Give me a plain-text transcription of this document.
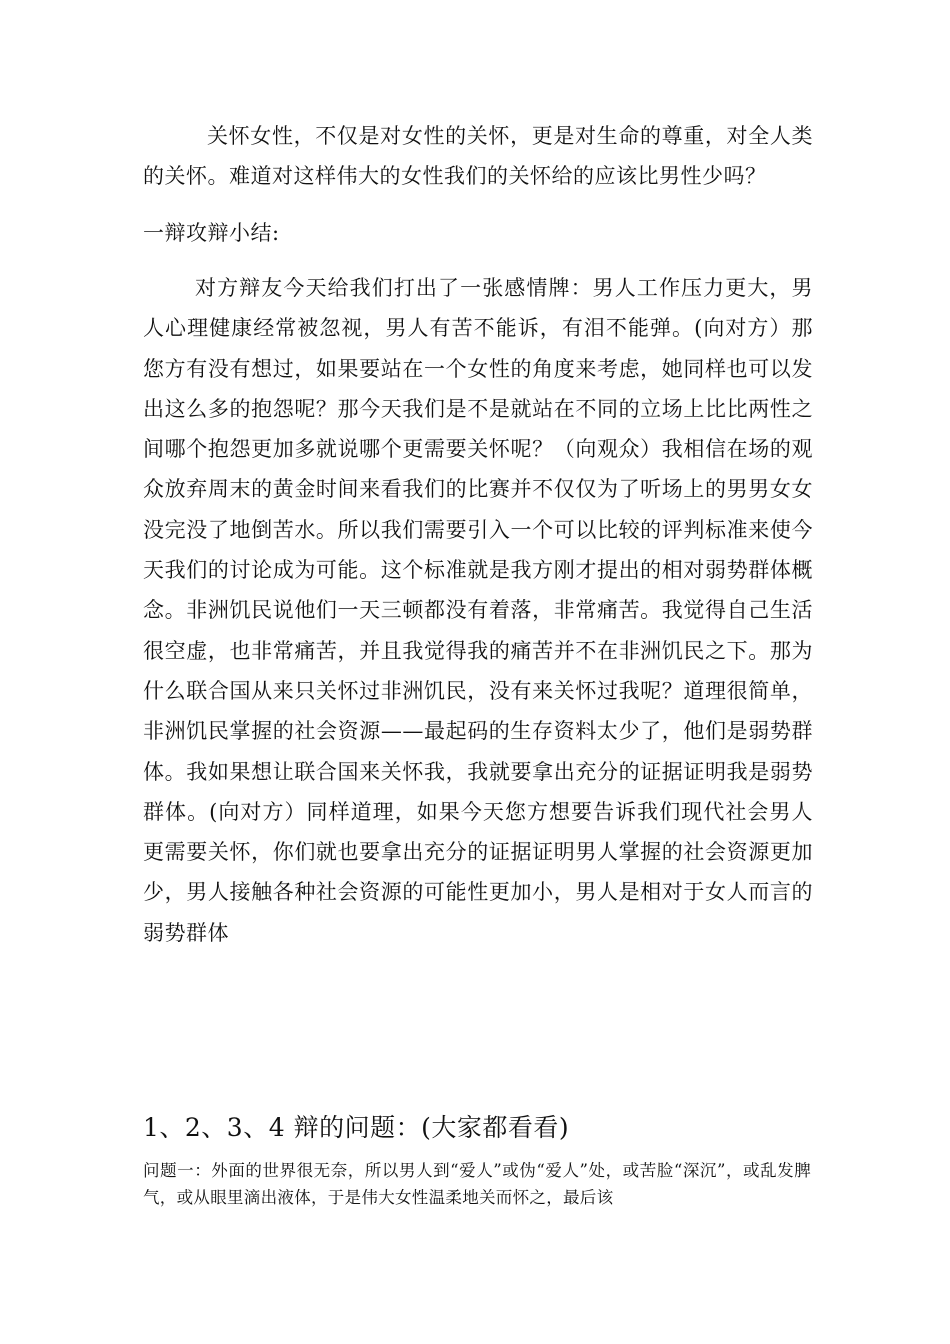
关怀女性，不仅是对女性的关怀，更是对生命的尊重，对全人类的关怀。难道对这样伟大的女性我们的关怀给的应该比男性少吗？

一辩攻辩小结:

对方辩友今天给我们打出了一张感情牌：男人工作压力更大，男人心理健康经常被忽视，男人有苦不能诉，有泪不能弹。(向对方）那您方有没有想过，如果要站在一个女性的角度来考虑，她同样也可以发出这么多的抱怨呢？那今天我们是不是就站在不同的立场上比比两性之间哪个抱怨更加多就说哪个更需要关怀呢？（向观众）我相信在场的观众放弃周末的黄金时间来看我们的比赛并不仅仅为了听场上的男男女女没完没了地倒苦水。所以我们需要引入一个可以比较的评判标准来使今天我们的讨论成为可能。这个标准就是我方刚才提出的相对弱势群体概念。非洲饥民说他们一天三顿都没有着落，非常痛苦。我觉得自己生活很空虚，也非常痛苦，并且我觉得我的痛苦并不在非洲饥民之下。那为什么联合国从来只关怀过非洲饥民，没有来关怀过我呢？道理很简单，非洲饥民掌握的社会资源——最起码的生存资料太少了，他们是弱势群体。我如果想让联合国来关怀我，我就要拿出充分的证据证明我是弱势群体。(向对方）同样道理，如果今天您方想要告诉我们现代社会男人更需要关怀，你们就也要拿出充分的证据证明男人掌握的社会资源更加少，男人接触各种社会资源的可能性更加小，男人是相对于女人而言的弱势群体

1、2、3、4 辩的问题：(大家都看看)

问题一：外面的世界很无奈，所以男人到“爱人”或伪“爱人”处，或苦脸“深沉”，或乱发脾气，或从眼里滴出液体，于是伟大女性温柔地关而怀之，最后该
